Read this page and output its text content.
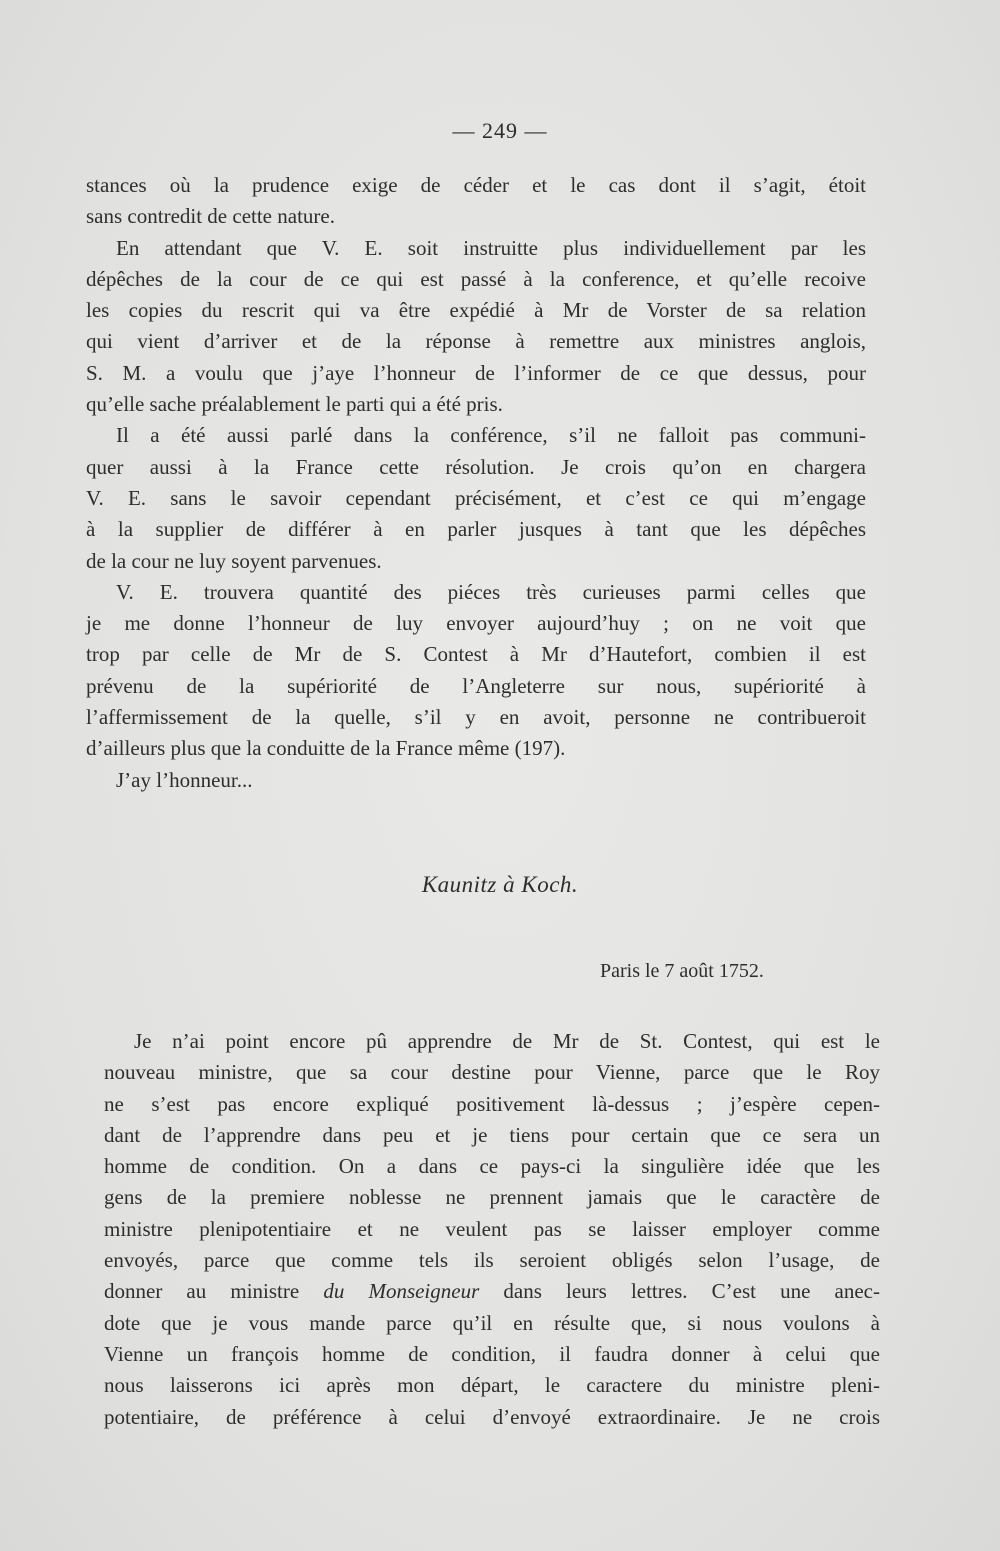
— 249 —
stances où la prudence exige de céder et le cas dont il s’agit, étoit
sans contredit de cette nature.
En attendant que V. E. soit instruitte plus individuellement par les
dépêches de la cour de ce qui est passé à la conference, et qu’elle recoive
les copies du rescrit qui va être expédié à Mr de Vorster de sa relation
qui vient d’arriver et de la réponse à remettre aux ministres anglois,
S. M. a voulu que j’aye l’honneur de l’informer de ce que dessus, pour
qu’elle sache préalablement le parti qui a été pris.
Il a été aussi parlé dans la conférence, s’il ne falloit pas communi-
quer aussi à la France cette résolution. Je crois qu’on en chargera
V. E. sans le savoir cependant précisément, et c’est ce qui m’engage
à la supplier de différer à en parler jusques à tant que les dépêches
de la cour ne luy soyent parvenues.
V. E. trouvera quantité des piéces très curieuses parmi celles que
je me donne l’honneur de luy envoyer aujourd’huy ; on ne voit que
trop par celle de Mr de S. Contest à Mr d’Hautefort, combien il est
prévenu de la supériorité de l’Angleterre sur nous, supériorité à
l’affermissement de la quelle, s’il y en avoit, personne ne contribueroit
d’ailleurs plus que la conduitte de la France même (197).
J’ay l’honneur...
Kaunitz à Koch.
Paris le 7 août 1752.
Je n’ai point encore pû apprendre de Mr de St. Contest, qui est le
nouveau ministre, que sa cour destine pour Vienne, parce que le Roy
ne s’est pas encore expliqué positivement là-dessus ; j’espère cepen-
dant de l’apprendre dans peu et je tiens pour certain que ce sera un
homme de condition. On a dans ce pays-ci la singulière idée que les
gens de la premiere noblesse ne prennent jamais que le caractère de
ministre plenipotentiaire et ne veulent pas se laisser employer comme
envoyés, parce que comme tels ils seroient obligés selon l’usage, de
donner au ministre du Monseigneur dans leurs lettres. C’est une anec-
dote que je vous mande parce qu’il en résulte que, si nous voulons à
Vienne un françois homme de condition, il faudra donner à celui que
nous laisserons ici après mon départ, le caractere du ministre pleni-
potentiaire, de préférence à celui d’envoyé extraordinaire. Je ne crois
